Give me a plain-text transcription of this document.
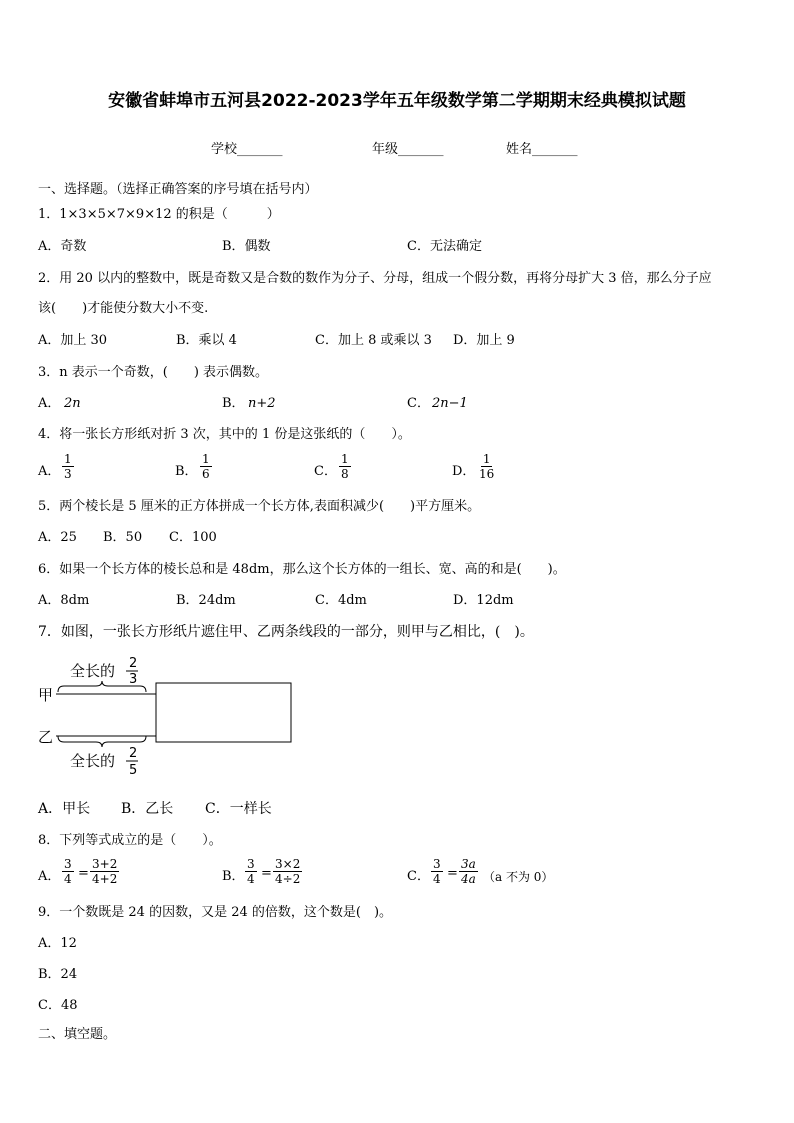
安徽省蚌埠市五河县2022-2023学年五年级数学第二学期期末经典模拟试题
学校_______	年级_______	姓名_______
一、选择题。（选择正确答案的序号填在括号内）
1．1×3×5×7×9×12 的积是（　　　）
A．奇数	B．偶数	C．无法确定
2．用 20 以内的整数中，既是奇数又是合数的数作为分子、分母，组成一个假分数，再将分母扩大 3 倍，那么分子应
该(　　)才能使分数大小不变.
A．加上 30	B．乘以 4	C．加上 8 或乘以 3 D．加上 9
3．n 表示一个奇数，(　　) 表示偶数。
A． 2n	B． n+2	C． 2n−1
4．将一张长方形纸对折 3 次，其中的 1 份是这张纸的（　　）。
A． $\frac{1}{3}$	B． $\frac{1}{6}$	C． $\frac{1}{8}$	D． $\frac{1}{16}$
5．两个棱长是 5 厘米的正方体拼成一个长方体,表面积减少(　　)平方厘米。
A．25 B．50 C．100
6．如果一个长方体的棱长总和是 48dm，那么这个长方体的一组长、宽、高的和是(　　)。
A．8dm	B．24dm	C．4dm	D．12dm
7．如图，一张长方形纸片遮住甲、乙两条线段的一部分，则甲与乙相比，(　)。
全长的 2
3
甲
乙
全长的 2
5
A．甲长 B．乙长 C．一样长
8．下列等式成立的是（　　）。
A． $\frac{3}{4} = \frac{3+2}{4+2}$	B． $\frac{3}{4} = \frac{3\times 2}{4\div 2}$	C． $\frac{3}{4} = \frac{3a}{4a} (a$ 不为 0）
9．一个数既是 24 的因数，又是 24 的倍数，这个数是(　)。
A．12
B．24
C．48
二、填空题。
